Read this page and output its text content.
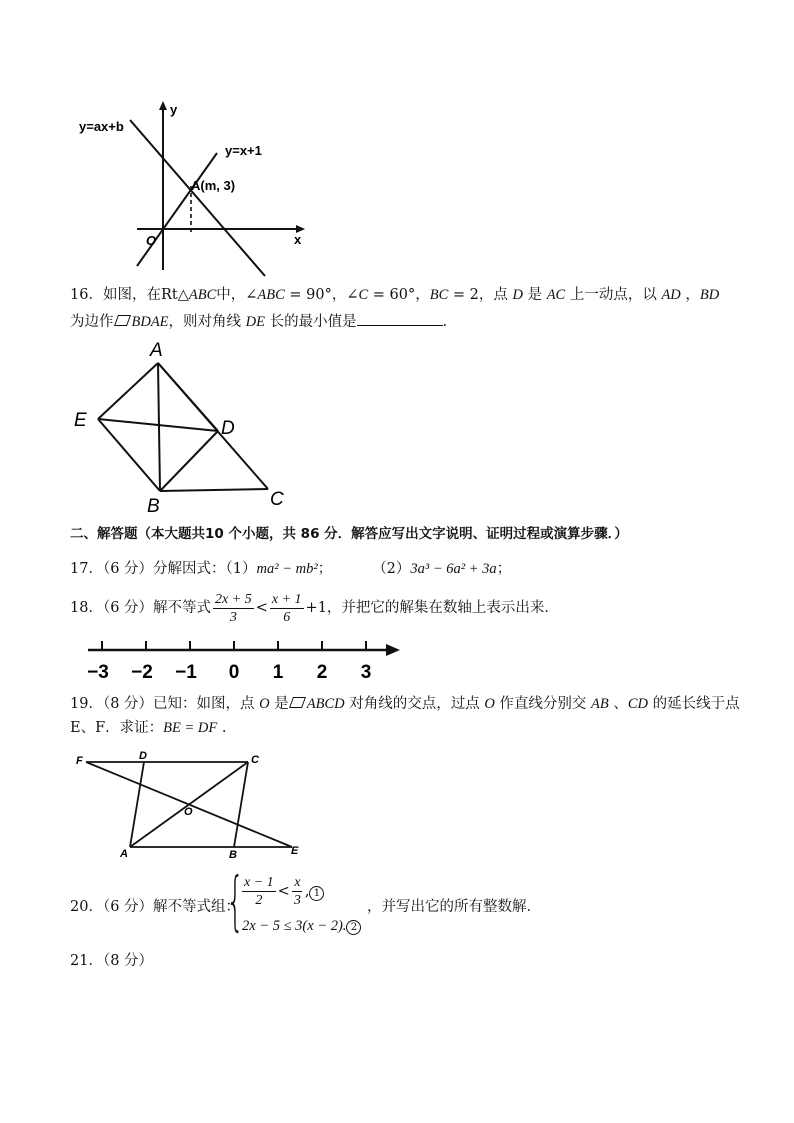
y=ax+b
y=x+1
y
x
O
A(m, 3)
16．如图，在Rt△ABC中，∠ABC = 90°，∠C = 60°，BC = 2，点 D 是 AC 上一动点，以 AD ，BD
为边作 BDAE，则对角线 DE 长的最小值是	．
A
E	D
B	C
二、解答题（本大题共10 个小题，共 86 分．解答应写出文字说明、证明过程或演算步骤．）
17．（6 分）分解因式：（1）ma² − mb²；	（2）3a³ − 6a² + 3a；
18．（6 分）解不等式 $\frac{2x + 5}{3} < \frac{x + 1}{6} +1$，并把它的解集在数轴上表示出来．
−3 −2 −1 0 1 2 3
19．（8 分）已知：如图，点 O 是 ABCD 对角线的交点，过点 O 作直线分别交 AB 、CD 的延长线于点
E、F．求证：BE = DF .
F	D	C
O
A	B	E
20．（6 分）解不等式组：
{
$\frac{x - 1}{2} < \frac{x}{3}$ , 1
2x − 5 ≤ 3(x − 2). 2
，并写出它的所有整数解．
21．（8 分）
